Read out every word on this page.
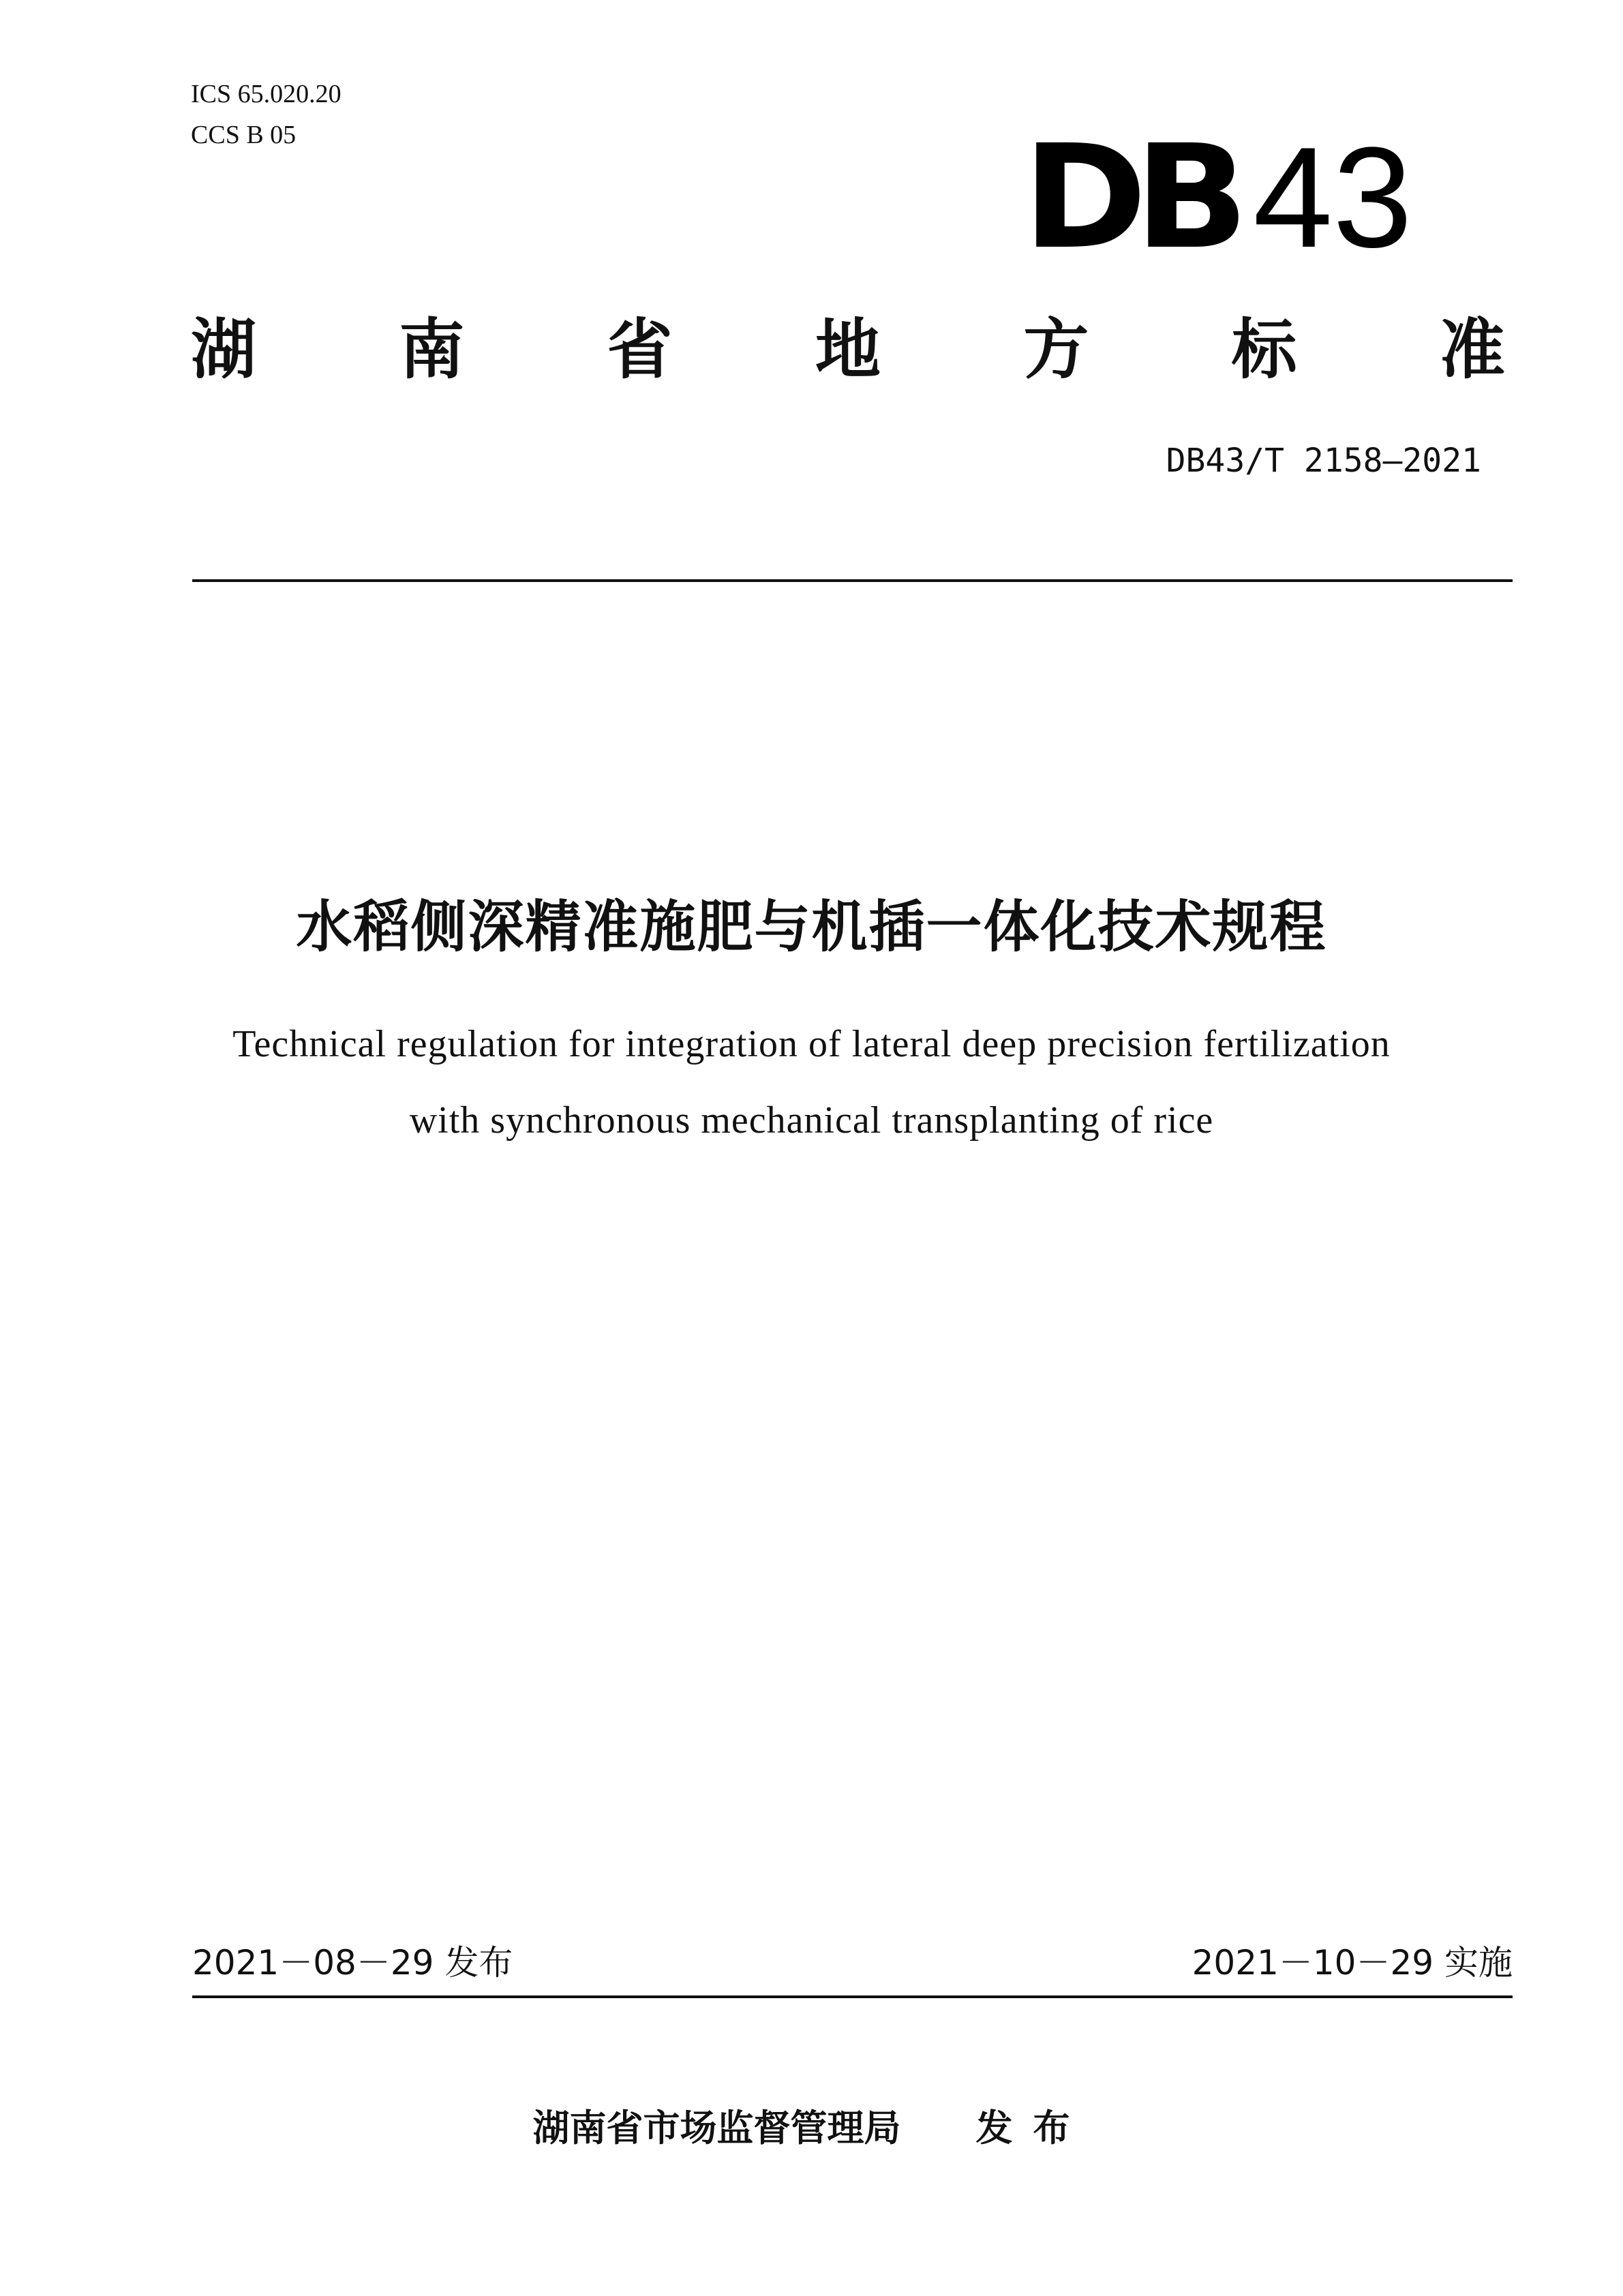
ICS 65.020.20
CCS B 05	DB 43
湖 南 省 地 方 标 准
DB43/T 2158—2021
水稻侧深精准施肥与机插一体化技术规程
Technical regulation for integration of lateral deep precision fertilization
with synchronous mechanical transplanting of rice
2021－08－29 发布	2021－10－29 实施
湖南省市场监督管理局 发布
